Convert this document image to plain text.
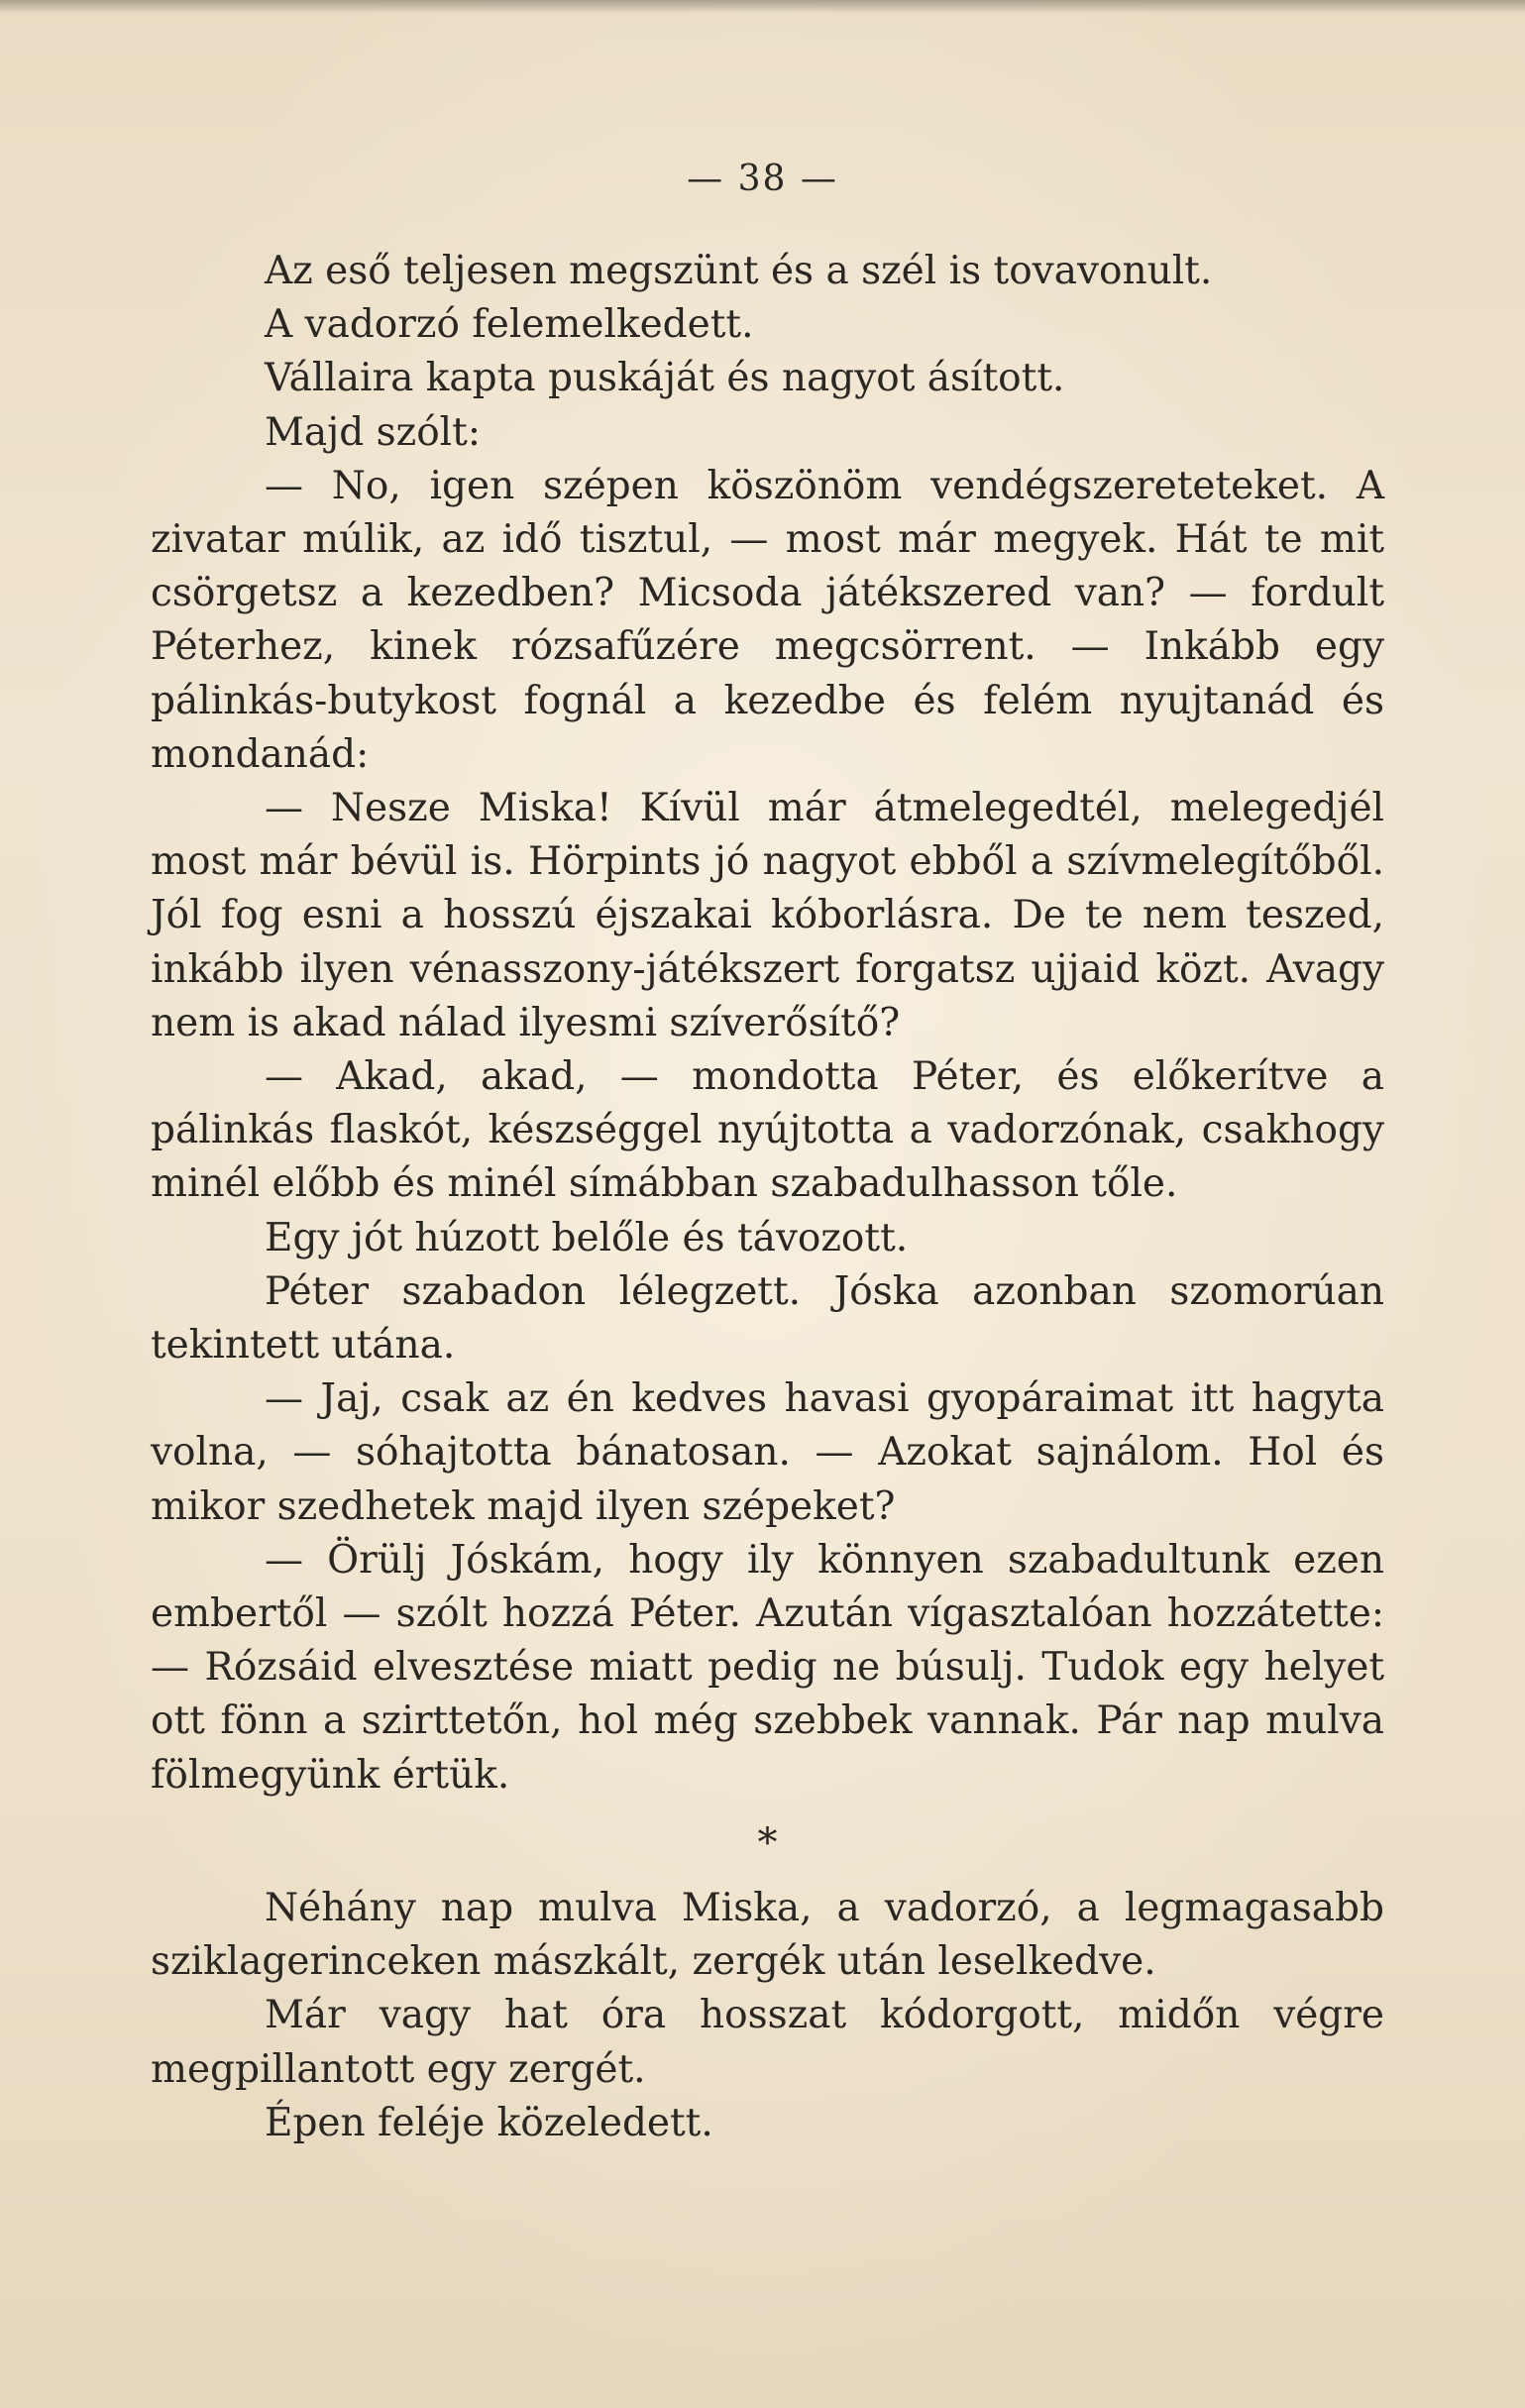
— 38 —

Az eső teljesen megszünt és a szél is tovavonult.

A vadorzó felemelkedett.

Vállaira kapta puskáját és nagyot ásított.

Majd szólt:

— No, igen szépen köszönöm vendégszereteteket. A zivatar múlik, az idő tisztul, — most már megyek. Hát te mit csörgetsz a kezedben? Micsoda játékszered van? — fordult Péterhez, kinek rózsafűzére megcsörrent. — Inkább egy pálinkás-butykost fognál a kezedbe és felém nyujtanád és mondanád:

— Nesze Miska! Kívül már átmelegedtél, melegedjél most már bévül is. Hörpints jó nagyot ebből a szívmelegítőből. Jól fog esni a hosszú éjszakai kóborlásra. De te nem teszed, inkább ilyen vénasszony-játékszert forgatsz ujjaid közt. Avagy nem is akad nálad ilyesmi szíverősítő?

— Akad, akad, — mondotta Péter, és előkerítve a pálinkás flaskót, készséggel nyújtotta a vadorzónak, csakhogy minél előbb és minél símábban szabadulhasson tőle.

Egy jót húzott belőle és távozott.

Péter szabadon lélegzett. Jóska azonban szomorúan tekintett utána.

— Jaj, csak az én kedves havasi gyopáraimat itt hagyta volna, — sóhajtotta bánatosan. — Azokat sajnálom. Hol és mikor szedhetek majd ilyen szépeket?

— Örülj Jóskám, hogy ily könnyen szabadultunk ezen embertől — szólt hozzá Péter. Azután vígasztalóan hozzátette: — Rózsáid elvesztése miatt pedig ne búsulj. Tudok egy helyet ott fönn a szirttetőn, hol még szebbek vannak. Pár nap mulva fölmegyünk értük.

*

Néhány nap mulva Miska, a vadorzó, a legmagasabb sziklagerinceken mászkált, zergék után leselkedve.

Már vagy hat óra hosszat kódorgott, midőn végre megpillantott egy zergét.

Épen feléje közeledett.
